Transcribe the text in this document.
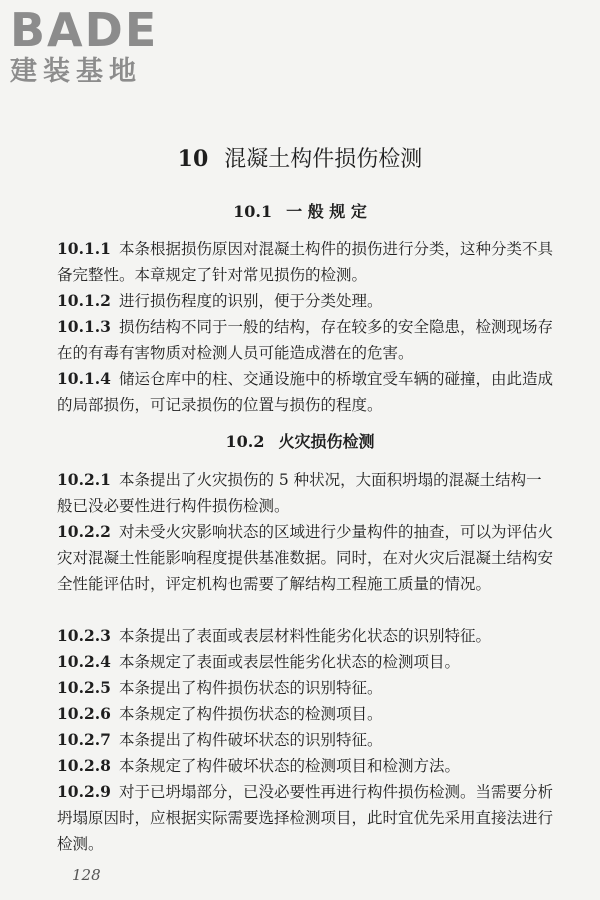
BADE
建装基地
10 混凝土构件损伤检测
10.1 一 般 规 定
10.1.1 本条根据损伤原因对混凝土构件的损伤进行分类，这种分类不具备完整性。本章规定了针对常见损伤的检测。
10.1.2 进行损伤程度的识别，便于分类处理。
10.1.3 损伤结构不同于一般的结构，存在较多的安全隐患，检测现场存在的有毒有害物质对检测人员可能造成潜在的危害。
10.1.4 储运仓库中的柱、交通设施中的桥墩宜受车辆的碰撞，由此造成的局部损伤，可记录损伤的位置与损伤的程度。
10.2 火灾损伤检测
10.2.1 本条提出了火灾损伤的 5 种状况，大面积坍塌的混凝土结构一般已没必要性进行构件损伤检测。
10.2.2 对未受火灾影响状态的区域进行少量构件的抽查，可以为评估火灾对混凝土性能影响程度提供基准数据。同时，在对火灾后混凝土结构安全性能评估时，评定机构也需要了解结构工程施工质量的情况。
10.2.3 本条提出了表面或表层材料性能劣化状态的识别特征。
10.2.4 本条规定了表面或表层性能劣化状态的检测项目。
10.2.5 本条提出了构件损伤状态的识别特征。
10.2.6 本条规定了构件损伤状态的检测项目。
10.2.7 本条提出了构件破坏状态的识别特征。
10.2.8 本条规定了构件破坏状态的检测项目和检测方法。
10.2.9 对于已坍塌部分，已没必要性再进行构件损伤检测。当需要分析坍塌原因时，应根据实际需要选择检测项目，此时宜优先采用直接法进行检测。
128
